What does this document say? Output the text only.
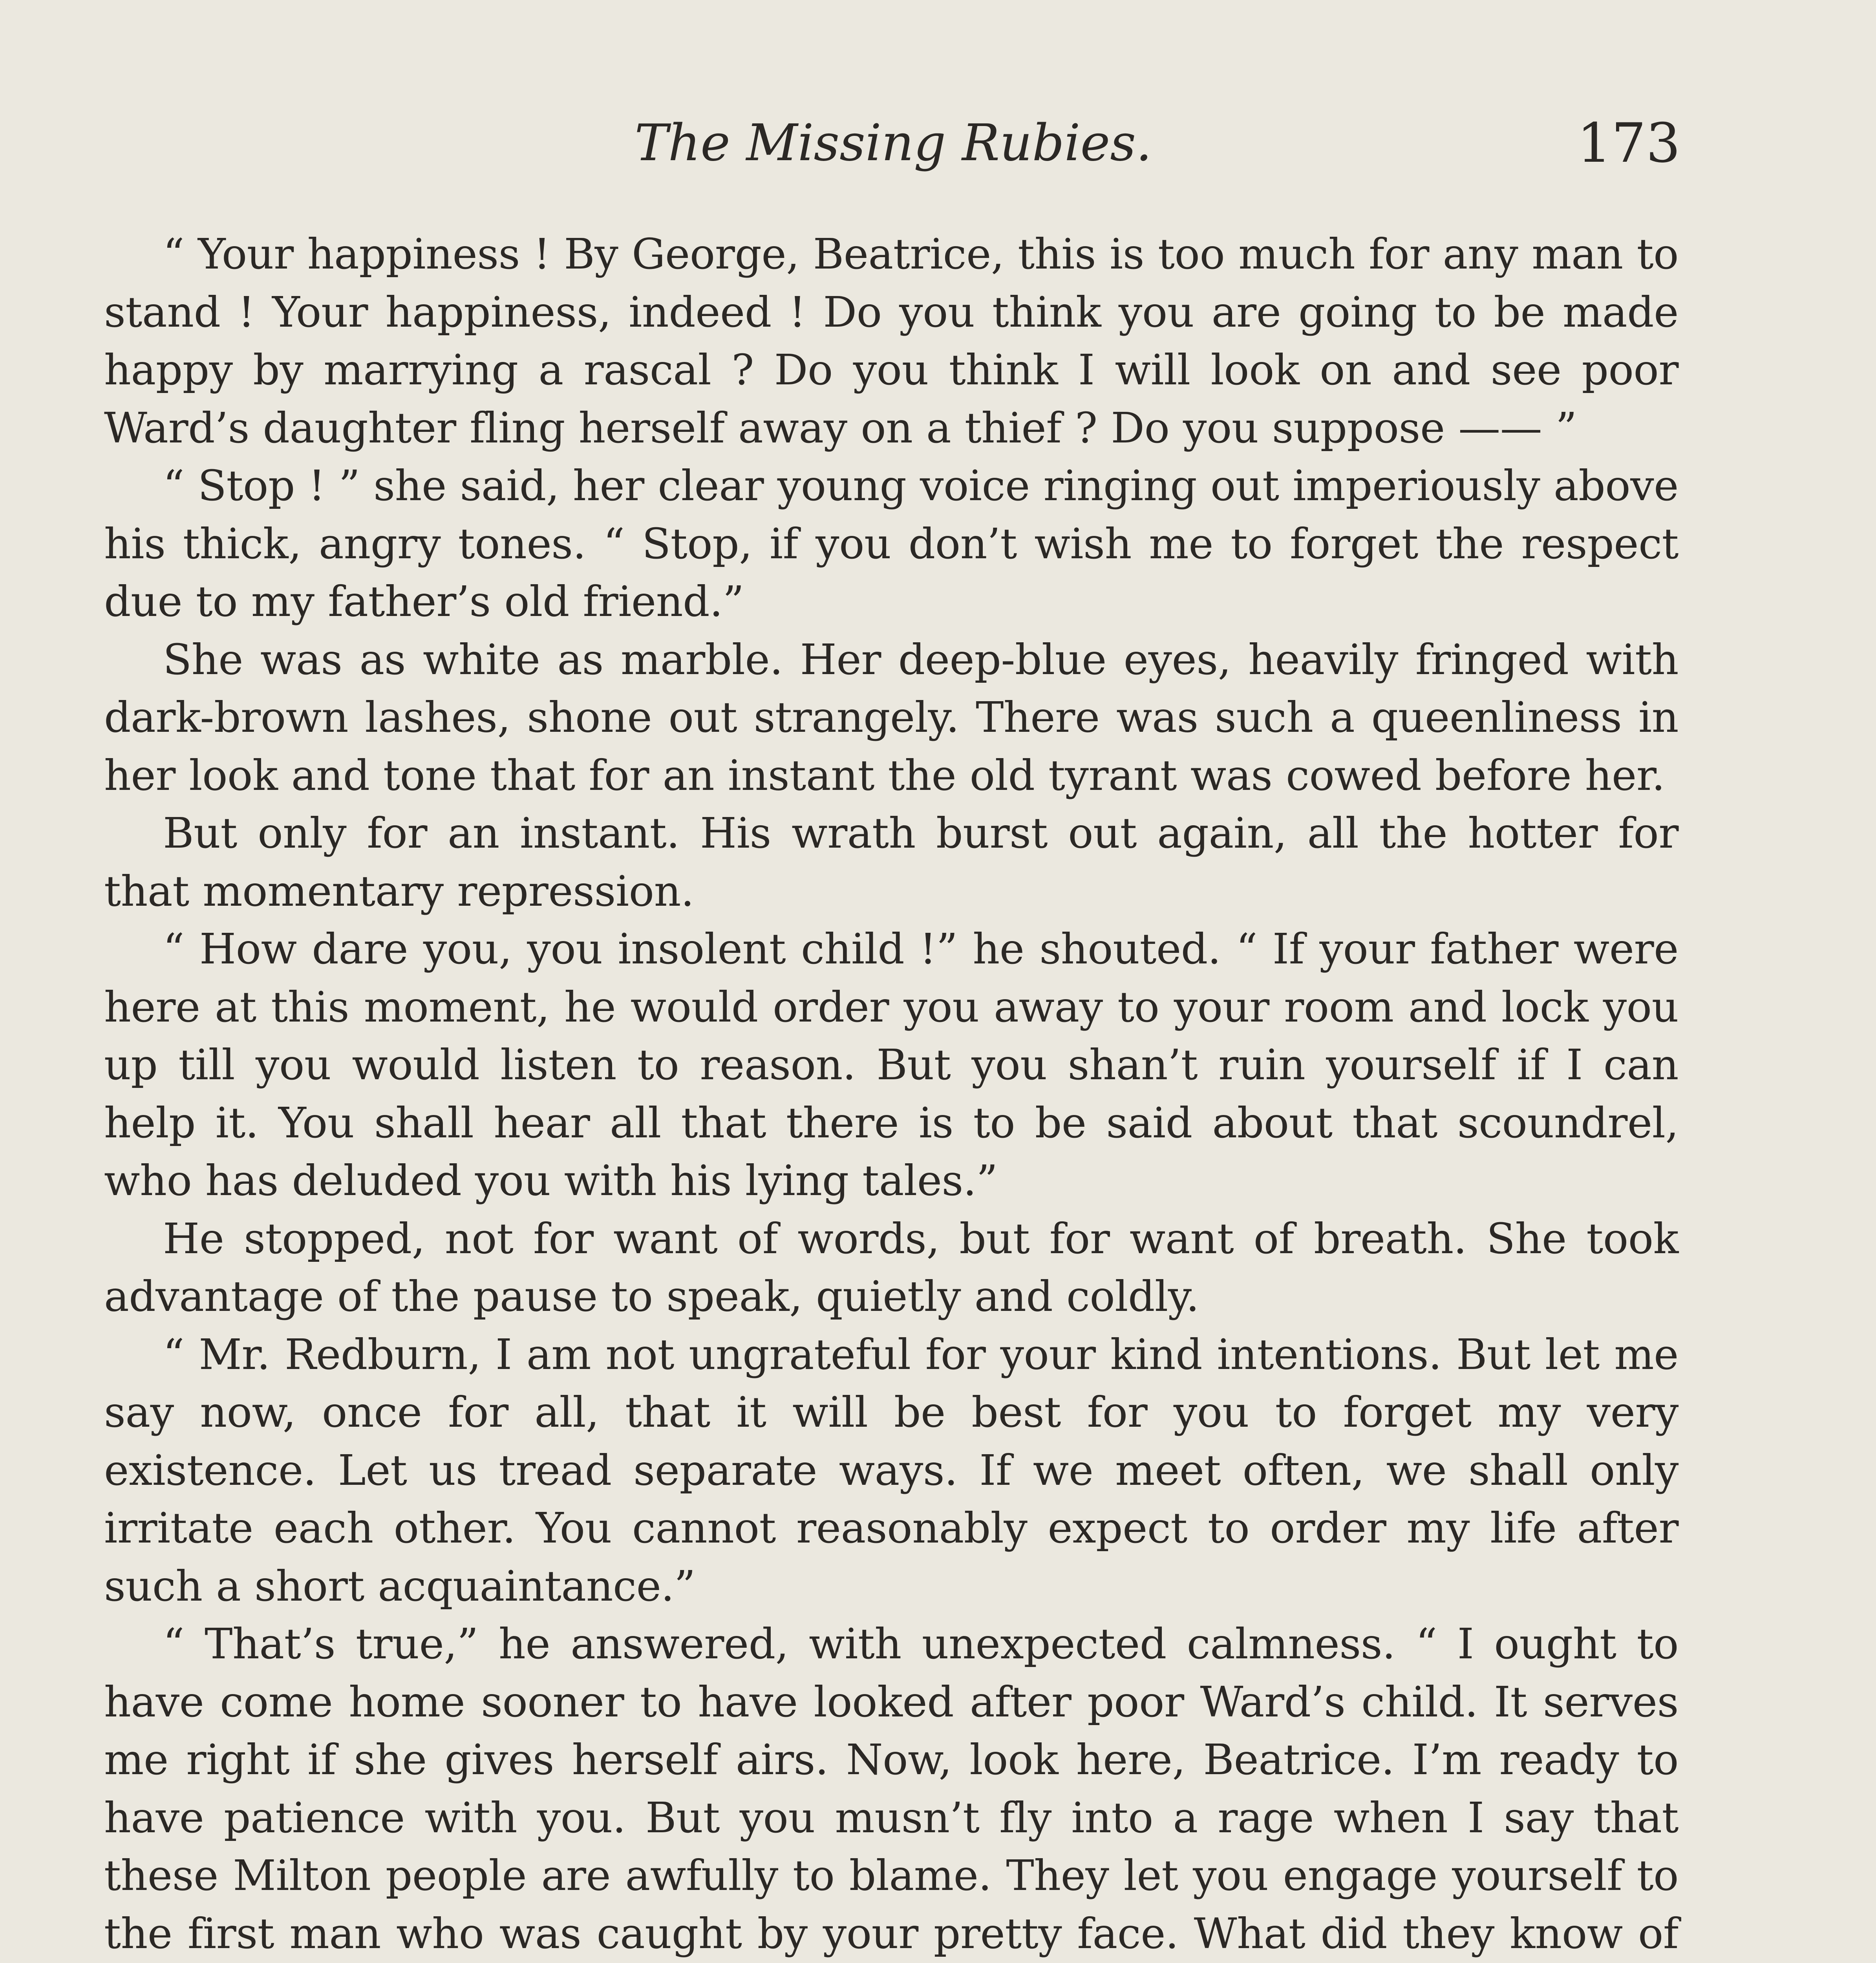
The Missing Rubies.	173

“ Your happiness ! By George, Beatrice, this is too much for any man to stand ! Your happiness, indeed ! Do you think you are going to be made happy by marrying a rascal ? Do you think I will look on and see poor Ward’s daughter fling herself away on a thief ? Do you suppose —— ”

“ Stop ! ” she said, her clear young voice ringing out imperiously above his thick, angry tones. “ Stop, if you don’t wish me to forget the respect due to my father’s old friend.”

She was as white as marble. Her deep-blue eyes, heavily fringed with dark-brown lashes, shone out strangely. There was such a queenliness in her look and tone that for an instant the old tyrant was cowed before her.

But only for an instant. His wrath burst out again, all the hotter for that momentary repression.

“ How dare you, you insolent child !” he shouted. “ If your father were here at this moment, he would order you away to your room and lock you up till you would listen to reason. But you shan’t ruin yourself if I can help it. You shall hear all that there is to be said about that scoundrel, who has deluded you with his lying tales.”

He stopped, not for want of words, but for want of breath. She took advantage of the pause to speak, quietly and coldly.

“ Mr. Redburn, I am not ungrateful for your kind intentions. But let me say now, once for all, that it will be best for you to forget my very existence. Let us tread separate ways. If we meet often, we shall only irritate each other. You cannot reasonably expect to order my life after such a short acquaintance.”

“ That’s true,” he answered, with unexpected calmness. “ I ought to have come home sooner to have looked after poor Ward’s child. It serves me right if she gives herself airs. Now, look here, Beatrice. I’m ready to have patience with you. But you musn’t fly into a rage when I say that these Milton people are awfully to blame. They let you engage yourself to the first man who was caught by your pretty face. What did they know of
